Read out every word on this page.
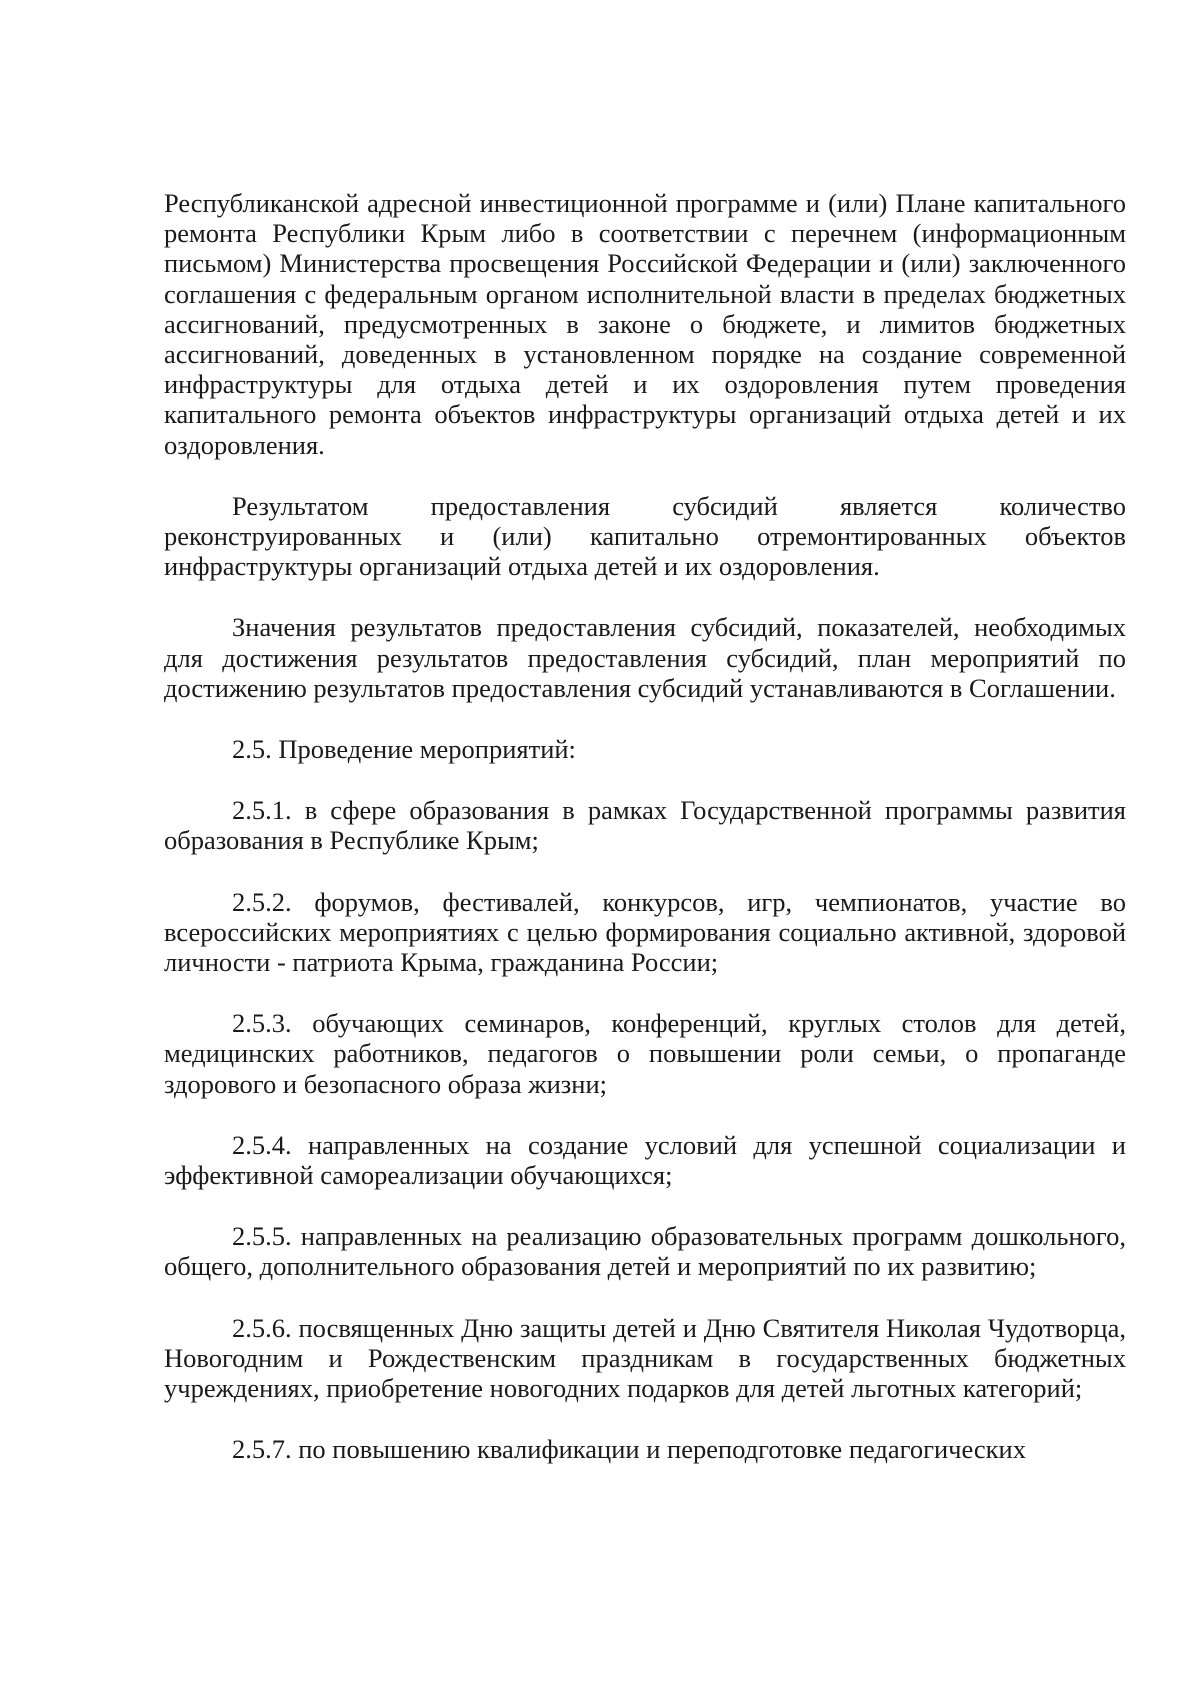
Республиканской адресной инвестиционной программе и (или) Плане капитального ремонта Республики Крым либо в соответствии с перечнем (информационным письмом) Министерства просвещения Российской Федерации и (или) заключенного соглашения с федеральным органом исполнительной власти в пределах бюджетных ассигнований, предусмотренных в законе о бюджете, и лимитов бюджетных ассигнований, доведенных в установленном порядке на создание современной инфраструктуры для отдыха детей и их оздоровления путем проведения капитального ремонта объектов инфраструктуры организаций отдыха детей и их оздоровления.

Результатом предоставления субсидий является количество реконструированных и (или) капитально отремонтированных объектов инфраструктуры организаций отдыха детей и их оздоровления.

Значения результатов предоставления субсидий, показателей, необходимых для достижения результатов предоставления субсидий, план мероприятий по достижению результатов предоставления субсидий устанавливаются в Соглашении.

2.5. Проведение мероприятий:

2.5.1. в сфере образования в рамках Государственной программы развития образования в Республике Крым;

2.5.2. форумов, фестивалей, конкурсов, игр, чемпионатов, участие во всероссийских мероприятиях с целью формирования социально активной, здоровой личности - патриота Крыма, гражданина России;

2.5.3. обучающих семинаров, конференций, круглых столов для детей, медицинских работников, педагогов о повышении роли семьи, о пропаганде здорового и безопасного образа жизни;

2.5.4. направленных на создание условий для успешной социализации и эффективной самореализации обучающихся;

2.5.5. направленных на реализацию образовательных программ дошкольного, общего, дополнительного образования детей и мероприятий по их развитию;

2.5.6. посвященных Дню защиты детей и Дню Святителя Николая Чудотворца, Новогодним и Рождественским праздникам в государственных бюджетных учреждениях, приобретение новогодних подарков для детей льготных категорий;

2.5.7. по повышению квалификации и переподготовке педагогических
